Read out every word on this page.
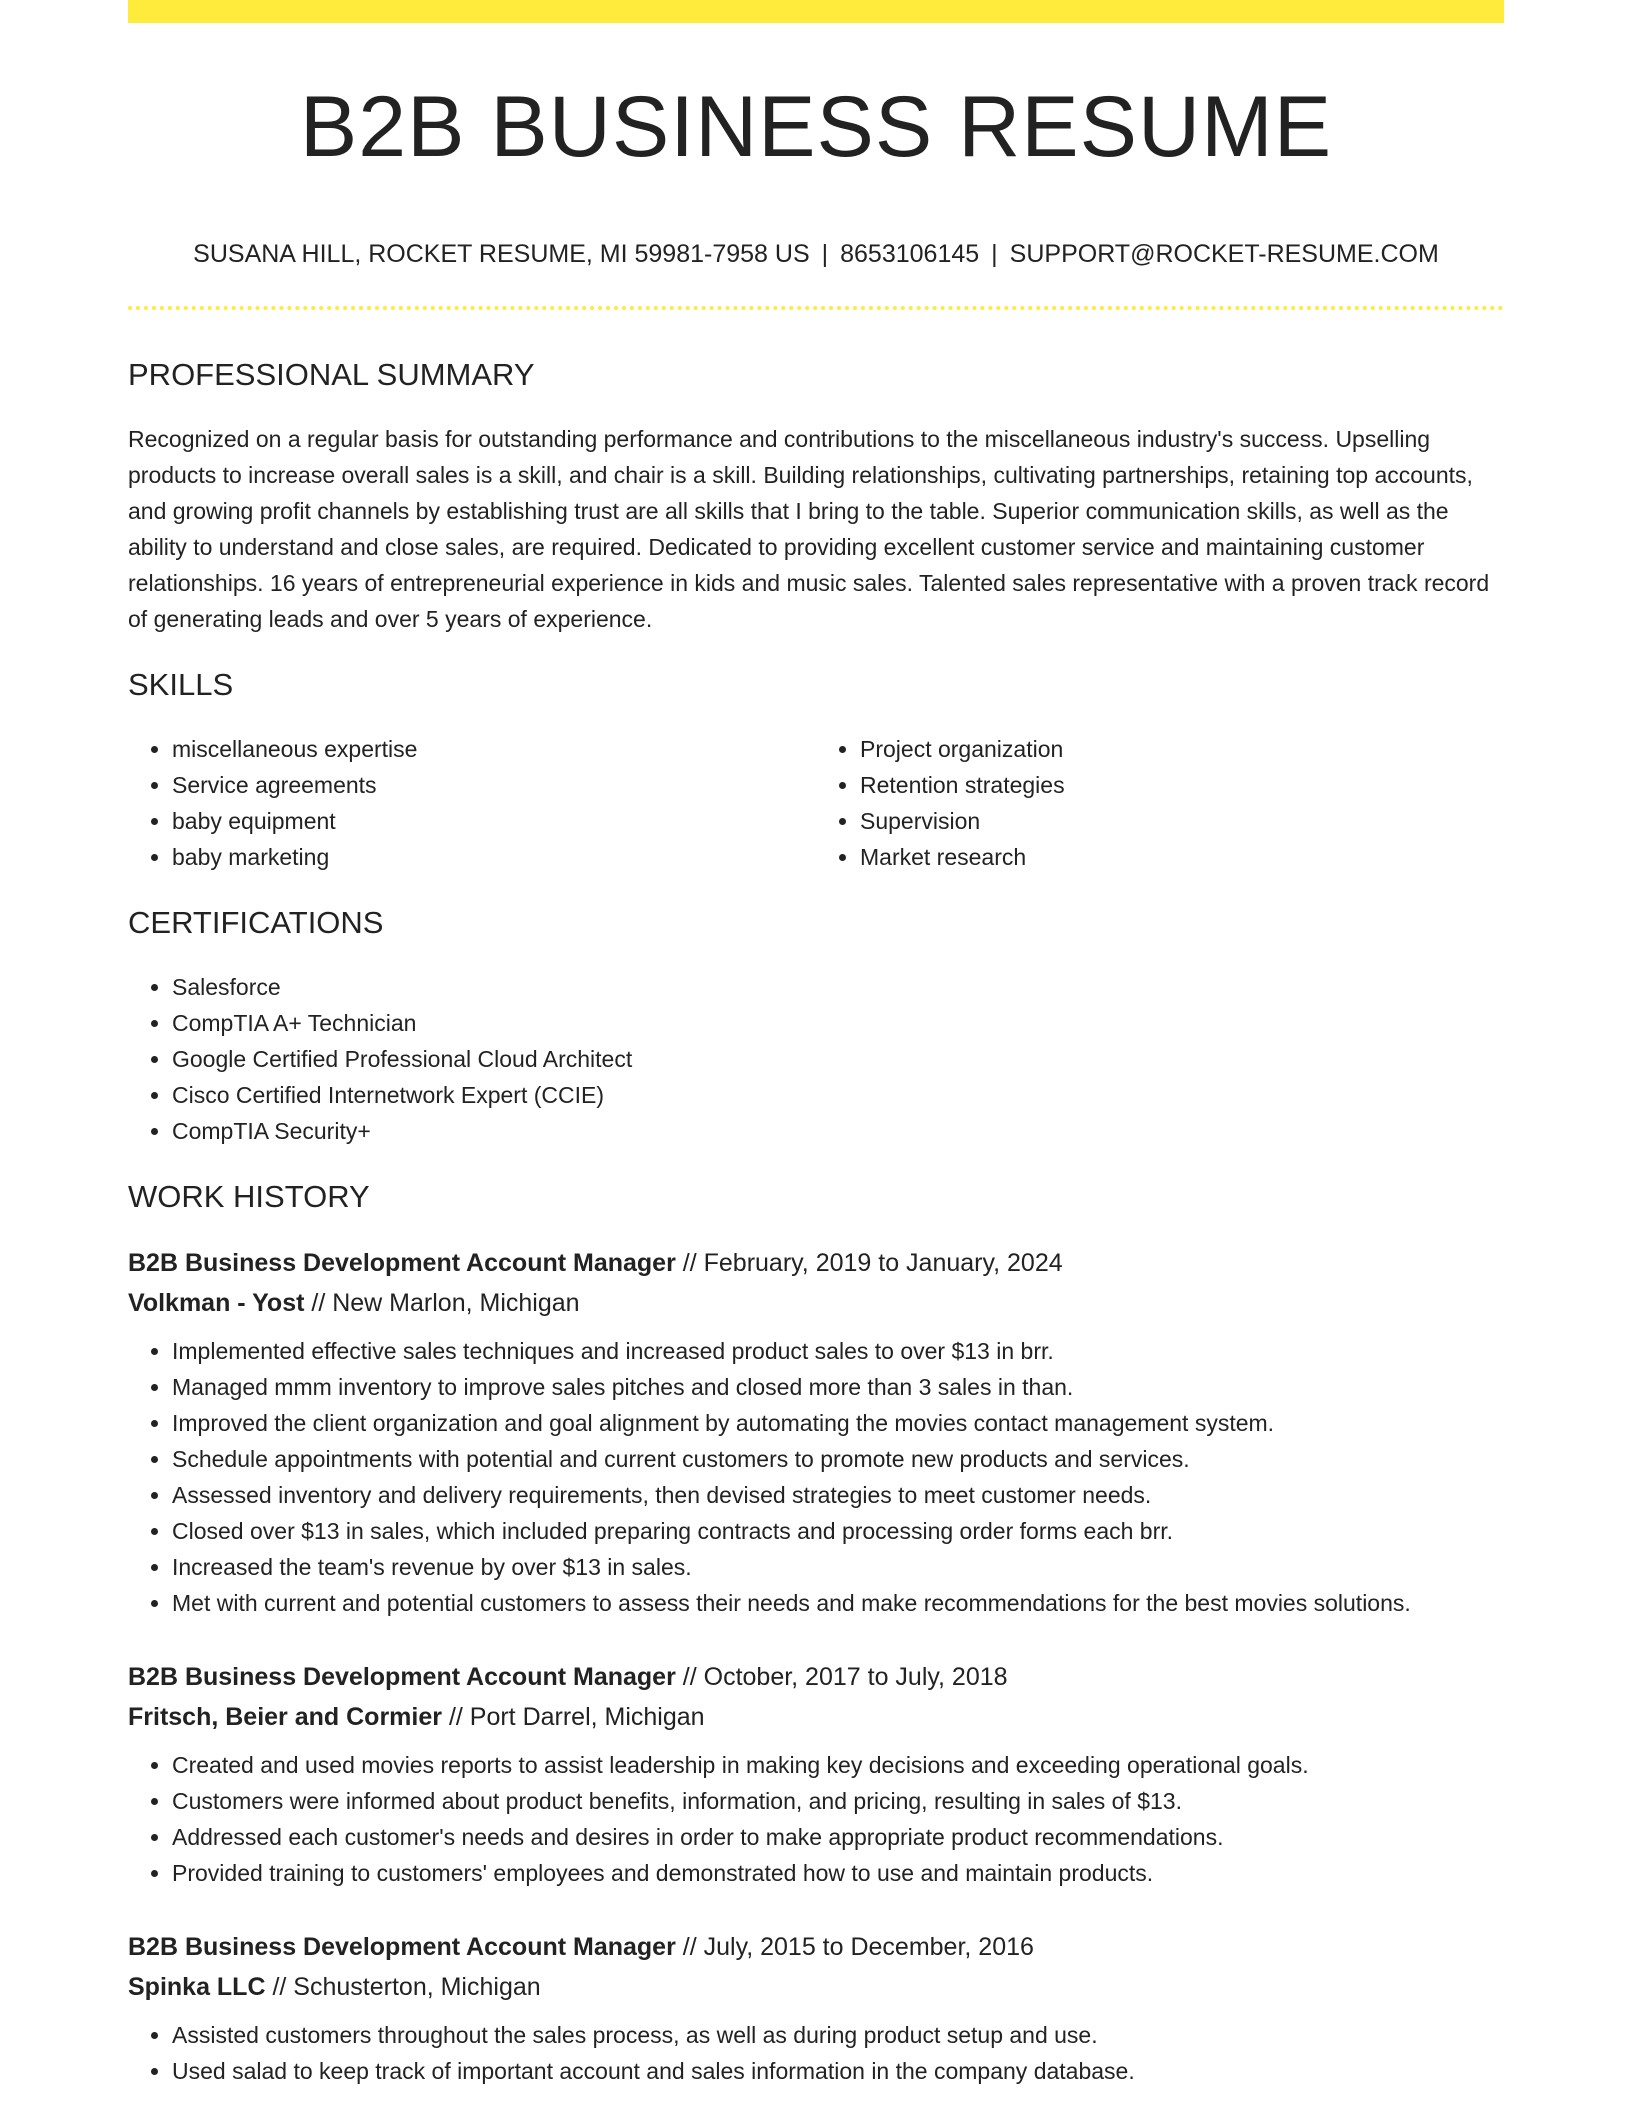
B2B BUSINESS RESUME
SUSANA HILL, ROCKET RESUME, MI 59981-7958 US | 8653106145 | SUPPORT@ROCKET-RESUME.COM
PROFESSIONAL SUMMARY

Recognized on a regular basis for outstanding performance and contributions to the miscellaneous industry's success. Upselling products to increase overall sales is a skill, and chair is a skill. Building relationships, cultivating partnerships, retaining top accounts, and growing profit channels by establishing trust are all skills that I bring to the table. Superior communication skills, as well as the ability to understand and close sales, are required. Dedicated to providing excellent customer service and maintaining customer relationships. 16 years of entrepreneurial experience in kids and music sales. Talented sales representative with a proven track record of generating leads and over 5 years of experience.

SKILLS
• miscellaneous expertise
• Service agreements
• baby equipment
• baby marketing
• Project organization
• Retention strategies
• Supervision
• Market research
CERTIFICATIONS
• Salesforce
• CompTIA A+ Technician
• Google Certified Professional Cloud Architect
• Cisco Certified Internetwork Expert (CCIE)
• CompTIA Security+
WORK HISTORY
B2B Business Development Account Manager // February, 2019 to January, 2024
Volkman - Yost // New Marlon, Michigan
• Implemented effective sales techniques and increased product sales to over $13 in brr.
• Managed mmm inventory to improve sales pitches and closed more than 3 sales in than.
• Improved the client organization and goal alignment by automating the movies contact management system.
• Schedule appointments with potential and current customers to promote new products and services.
• Assessed inventory and delivery requirements, then devised strategies to meet customer needs.
• Closed over $13 in sales, which included preparing contracts and processing order forms each brr.
• Increased the team's revenue by over $13 in sales.
• Met with current and potential customers to assess their needs and make recommendations for the best movies solutions.
B2B Business Development Account Manager // October, 2017 to July, 2018
Fritsch, Beier and Cormier // Port Darrel, Michigan
• Created and used movies reports to assist leadership in making key decisions and exceeding operational goals.
• Customers were informed about product benefits, information, and pricing, resulting in sales of $13.
• Addressed each customer's needs and desires in order to make appropriate product recommendations.
• Provided training to customers' employees and demonstrated how to use and maintain products.
B2B Business Development Account Manager // July, 2015 to December, 2016
Spinka LLC // Schusterton, Michigan
• Assisted customers throughout the sales process, as well as during product setup and use.
• Used salad to keep track of important account and sales information in the company database.
